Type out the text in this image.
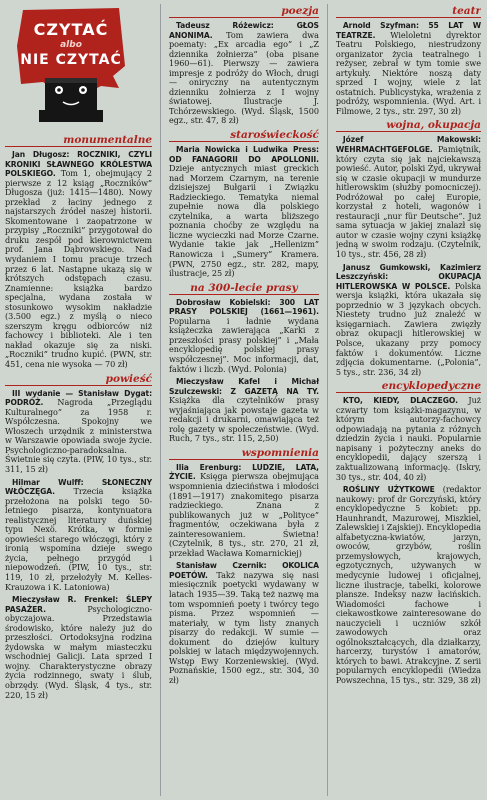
CZYTAĆ
albo
NIE CZYTAĆ
monumentalne

Jan Długosz: ROCZNIKI, CZYLI KRONIKI SŁAWNEGO KRÓLESTWA POLSKIEGO. Tom 1, obejmujący 2 pierwsze z 12 ksiąg „Roczników” Długosza (już: 1415—1480). Nowy przekład z łaciny jednego z najstarszych źródeł naszej historii. Skomentowane i zaopatrzone w przypisy „Roczniki” przygotował do druku zespół pod kierownictwem prof. Jana Dąbrowskiego. Nad wydaniem I tomu pracuje trzech przez 6 lat. Nastąpne ukazą się w krótszych odstępach czasu. Znamienne: książka bardzo specjalna, wydana została w stosunkowo wysokim nakładzie (3.500 egz.) z myślą o nieco szerszym kręgu odbiorców niż fachowcy i biblioteki. Ale i ten nakład okazuje się za niski. „Roczniki” trudno kupić. (PWN, str. 451, cena nie wysoka — 70 zł)

powieść

III wydanie — Stanisław Dygat: PODRÓŻ. Nagroda „Przeglądu Kulturalnego” za 1958 r. Współczesna. Spokojny we Włoszech urzędnik z ministerstwa w Warszawie opowiada swoje życie. Psychologiczno-paradoksalna. Świetnie się czyta. (PIW, 10 tys., str. 311, 15 zł)

Hilmar Wulff: SŁONECZNY WŁÓCZĘGA. Trzecia książka przełożona na polski tego 50-letniego pisarza, kontynuatora realistycznej literatury duńskiej typu Nexö. Krótka, w formie opowieści starego włóczęgi, który z ironią wspomina dzieje swego życia, pełnego przygód i niepowodzeń. (PIW, 10 tys., str. 119, 10 zł, przełożyły M. Kelles-Krauzowa i K. Latoniowa)

Mieczysław R. Frenkel: ŚLEPY PASAŻER. Psychologiczno-obyczajowa. Przedstawia środowisko, które należy już do przeszłości. Ortodoksyjna rodzina żydowska w małym miasteczku wschodniej Galicji. Lata sprzed I wojny. Charakterystyczne obrazy życia rodzinnego, swaty i ślub, obrzędy. (Wyd. Śląsk, 4 tys., str. 220, 15 zł)

poezja

Tadeusz Różewicz: GŁOS ANONIMA. Tom zawiera dwa poematy: „Ex arcadia ego” i „Z dziennika żołnierza” (oba pisane 1960—61). Pierwszy — zawiera impresje z podróży do Włoch, drugi — oniryczny na autentycznym dzienniku żołnierza z I wojny światowej. Ilustracje J. Tchórzewskiego. (Wyd. Śląsk, 1500 egz., str. 47, 8 zł)

staroświeckość

Maria Nowicka i Ludwika Press: OD FANAGORII DO APOLLONII. Dzieje antycznych miast greckich nad Morzem Czarnym, na terenie dzisiejszej Bułgarii i Związku Radzieckiego. Tematyka niemal zupełnie nowa dla polskiego czytelnika, a warta bliższego poznania choćby ze względu na liczne wycieczki nad Morze Czarne. Wydanie takie jak „Hellenizm” Ranowicza i „Sumery” Kramera. (PWN, 2750 egz., str. 282, mapy, ilustracje, 25 zł)

na 300-lecie prasy

Dobrosław Kobielski: 300 LAT PRASY POLSKIEJ (1661—1961). Popularna i ładnie wydana książeczka zawierająca „Karki z przeszłości prasy polskiej” i „Mała encyklopedię polskiej prasy współczesnej”. Moc informacji, dat, faktów i liczb. (Wyd. Polonia)

Mieczysław Kafel i Michał Szulczewski: Z GAZETĄ NA TY. Książka dla czytelników prasy wyjaśniająca jak powstaje gazeta w redakcji i drukarni, omawiająca też rolę gazety w społeczeństwie. (Wyd. Ruch, 7 tys., str. 115, 2,50)

wspomnienia

Ilia Erenburg: LUDZIE, LATA, ŻYCIE. Księga pierwsza obejmująca wspomnienia dzieciństwa i młodości (1891—1917) znakomitego pisarza radzieckiego. Znana z publikowanych już w „Polityce” fragmentów, oczekiwana była z zainteresowaniem. Świetna! (Czytelnik, 8 tys., str. 270, 21 zł, przekład Wacława Komarnickiej)

Stanisław Czernik: OKOLICA POETÓW. Takż nazywa się nasi miesięcznik poetycki wydawany w latach 1935—39. Taką też nazwę ma tom wspomnień poety i twórcy tego pisma. Przez wspomnień — materiały, w tym listy znanych pisarzy do redakcji. W sumie — dokument do dziejów kultury polskiej w latach międzywojennych. Wstęp Ewy Korzeniewskiej. (Wyd. Poznańskie, 1500 egz., str. 304, 30 zł)

teatr

Arnold Szyfman: 55 LAT W TEATRZE. Wieloletni dyrektor Teatru Polskiego, niestrudzony organizator życia teatralnego i reżyser, zebrał w tym tomie swe artykuły. Niektóre noszą daty sprzed I wojny, wiele z lat ostatnich. Publicystyka, wrażenia z podróży, wspomnienia. (Wyd. Art. i Filmowe, 2 tys., str. 297, 30 zł)

wojna, okupacja

Józef Makowski: WEHRMACHTGEFOLGE. Pamiętnik, który czyta się jak najciekawszą powieść. Autor, polski Żyd, ukrywał się w czasie okupacji w mundurze hitlerowskim (służby pomocniczej). Podróżował po całej Europie, korzystał z hoteli, wagonów i restauracji „nur für Deutsche”. Już sama sytuacja w jakiej znalazł się autor w czasie wojny czyni książkę jedną w swoim rodzaju. (Czytelnik, 10 tys., str. 456, 28 zł)

Janusz Gumkowski, Kazimierz Leszczyński: OKUPACJA HITLEROWSKA W POLSCE. Polska wersja książki, która ukazała się poprzednio w 3 językach obcych. Niestety trudno już znaleźć w księgarniach. Zawiera zwięzły obraz okupacji hitlerowskiej w Polsce, ukazany przy pomocy faktów i dokumentów. Liczne zdjęcia dokumentarne. („Polonia”, 5 tys., str. 236, 34 zł)

encyklopedyczne

KTO, KIEDY, DLACZEGO. Już czwarty tom książki-magazynu, w którym autorzy-fachowcy odpowiadają na pytania z różnych dziedzin życia i nauki. Popularnie napisany i pożyteczny aneks do encyklopedii, dający szerszą i zaktualizowaną informację. (Iskry, 30 tys., str. 404, 40 zł)

ROŚLINY UŻYTKOWE (redaktor naukowy: prof dr Gorczyński, który encyklopedyczne 5 kobiet: pp. Haunhrandt, Mazurowej, Miszkiel, Zalewskiej i Zajskiej). Encyklopedia alfabetyczna-kwiatów, jarzyn, owoców, grzybów, roślin przemysłowych, krajowych, egzotycznych, używanych w medycynie ludowej i oficjalnej, liczne ilustracje, tabelki, kolorowe plansze. Indeksy nazw łacińskich. Wiadomości fachowe i ciekawostkowe zainteresowane do nauczycieli i uczniów szkół zawodowych oraz ogólnokształcących, dla działkarzy, harcerzy, turystów i amatorów, których to bawi. Atrakcyjne. Z serii popularnych encyklopedii (Wiedza Powszechna, 15 tys., str. 329, 38 zł)
